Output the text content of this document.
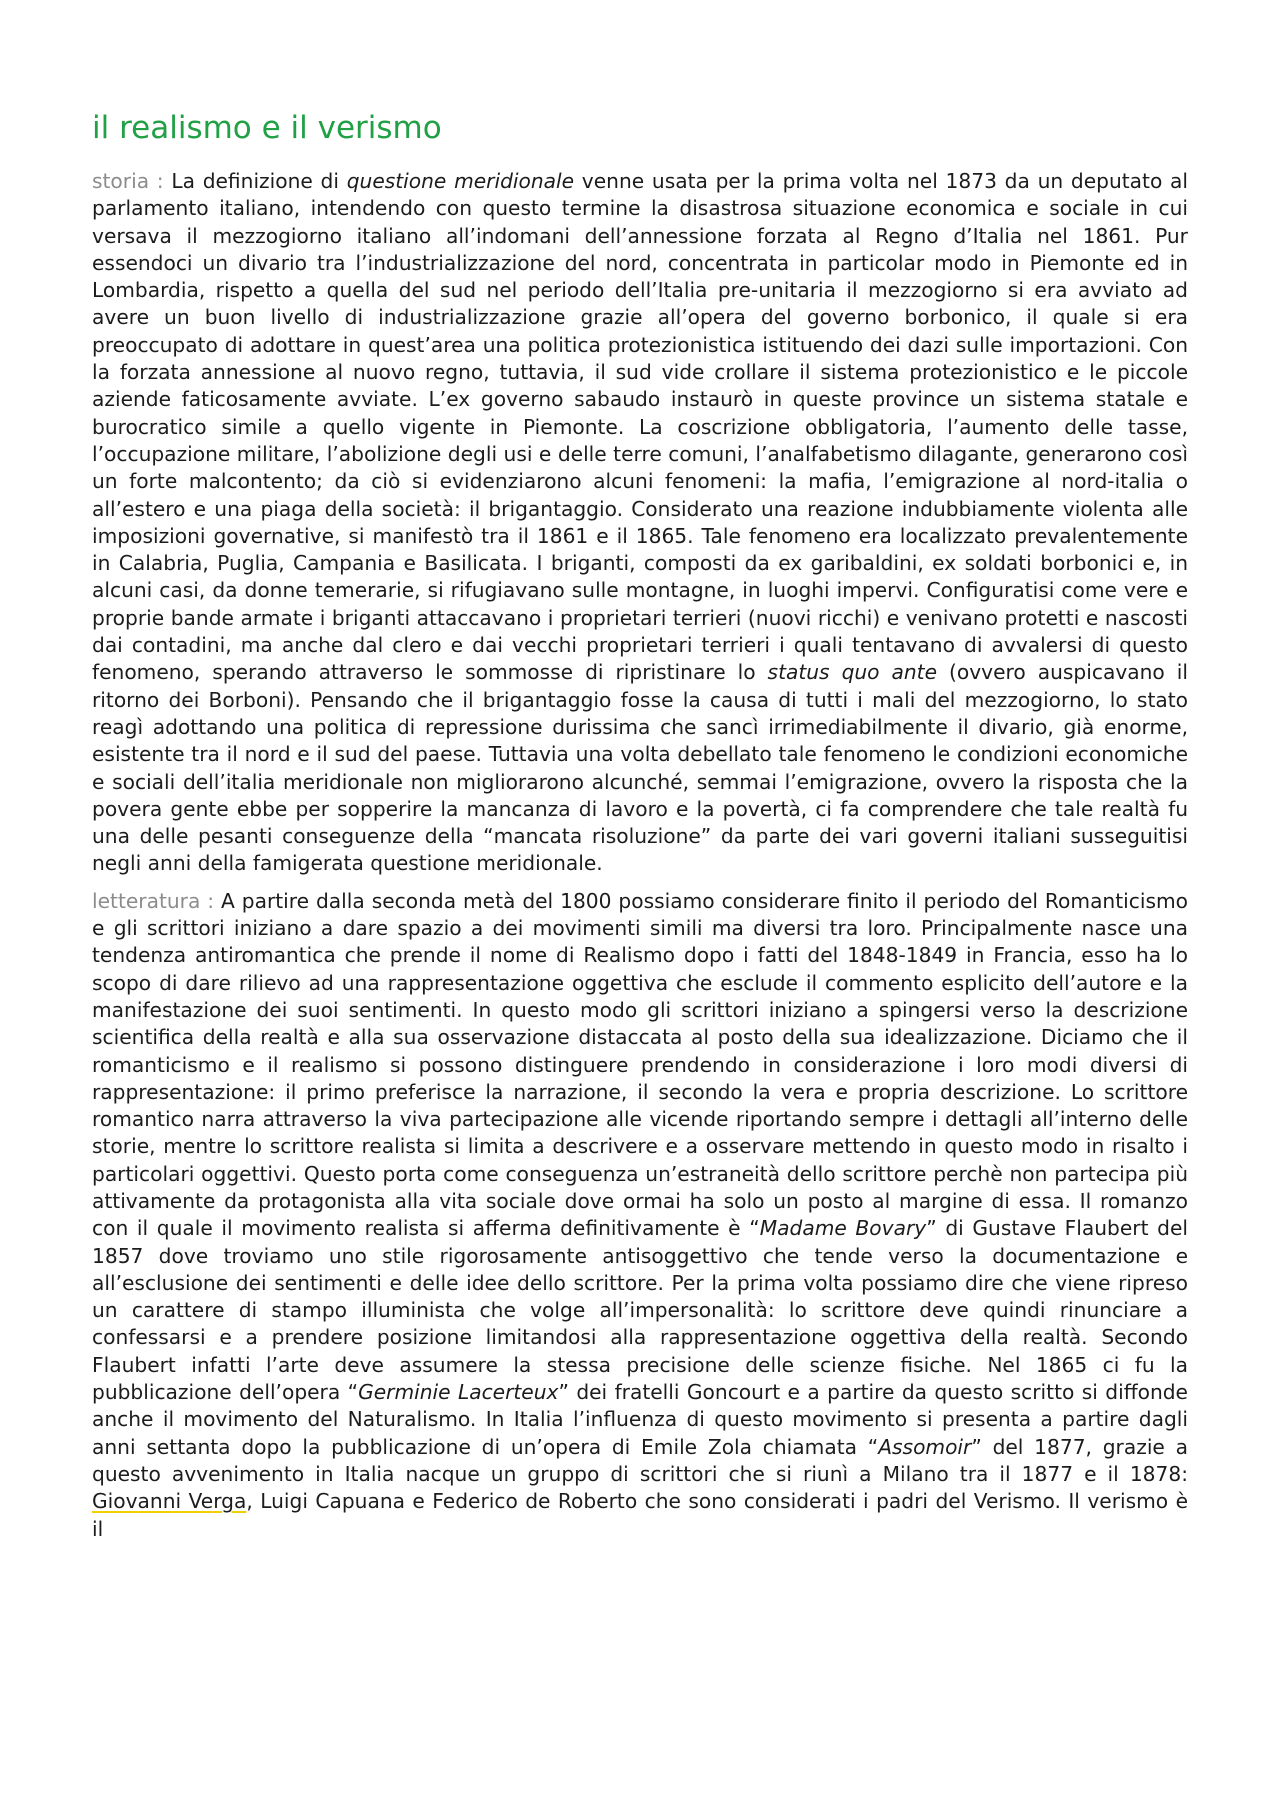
il realismo e il verismo

storia : La definizione di questione meridionale venne usata per la prima volta nel 1873 da un deputato al parlamento italiano, intendendo con questo termine la disastrosa situazione economica e sociale in cui versava il mezzogiorno italiano all’indomani dell’annessione forzata al Regno d’Italia nel 1861. Pur essendoci un divario tra l’industrializzazione del nord, concentrata in particolar modo in Piemonte ed in Lombardia, rispetto a quella del sud nel periodo dell’Italia pre-unitaria il mezzogiorno si era avviato ad avere un buon livello di industrializzazione grazie all’opera del governo borbonico, il quale si era preoccupato di adottare in quest’area una politica protezionistica istituendo dei dazi sulle importazioni. Con la forzata annessione al nuovo regno, tuttavia, il sud vide crollare il sistema protezionistico e le piccole aziende faticosamente avviate. L’ex governo sabaudo instaurò in queste province un sistema statale e burocratico simile a quello vigente in Piemonte. La coscrizione obbligatoria, l’aumento delle tasse, l’occupazione militare, l’abolizione degli usi e delle terre comuni, l’analfabetismo dilagante, generarono così un forte malcontento; da ciò si evidenziarono alcuni fenomeni: la mafia, l’emigrazione al nord-italia o all’estero e una piaga della società: il brigantaggio. Considerato una reazione indubbiamente violenta alle imposizioni governative, si manifestò tra il 1861 e il 1865. Tale fenomeno era localizzato prevalentemente in Calabria, Puglia, Campania e Basilicata. I briganti, composti da ex garibaldini, ex soldati borbonici e, in alcuni casi, da donne temerarie, si rifugiavano sulle montagne, in luoghi impervi. Configuratisi come vere e proprie bande armate i briganti attaccavano i proprietari terrieri (nuovi ricchi) e venivano protetti e nascosti dai contadini, ma anche dal clero e dai vecchi proprietari terrieri i quali tentavano di avvalersi di questo fenomeno, sperando attraverso le sommosse di ripristinare lo status quo ante (ovvero auspicavano il ritorno dei Borboni). Pensando che il brigantaggio fosse la causa di tutti i mali del mezzogiorno, lo stato reagì adottando una politica di repressione durissima che sancì irrimediabilmente il divario, già enorme, esistente tra il nord e il sud del paese. Tuttavia una volta debellato tale fenomeno le condizioni economiche e sociali dell’italia meridionale non migliorarono alcunché, semmai l’emigrazione, ovvero la risposta che la povera gente ebbe per sopperire la mancanza di lavoro e la povertà, ci fa comprendere che tale realtà fu una delle pesanti conseguenze della “mancata risoluzione” da parte dei vari governi italiani susseguitisi negli anni della famigerata questione meridionale.

letteratura : A partire dalla seconda metà del 1800 possiamo considerare finito il periodo del Romanticismo e gli scrittori iniziano a dare spazio a dei movimenti simili ma diversi tra loro. Principalmente nasce una tendenza antiromantica che prende il nome di Realismo dopo i fatti del 1848-1849 in Francia, esso ha lo scopo di dare rilievo ad una rappresentazione oggettiva che esclude il commento esplicito dell’autore e la manifestazione dei suoi sentimenti. In questo modo gli scrittori iniziano a spingersi verso la descrizione scientifica della realtà e alla sua osservazione distaccata al posto della sua idealizzazione. Diciamo che il romanticismo e il realismo si possono distinguere prendendo in considerazione i loro modi diversi di rappresentazione: il primo preferisce la narrazione, il secondo la vera e propria descrizione. Lo scrittore romantico narra attraverso la viva partecipazione alle vicende riportando sempre i dettagli all’interno delle storie, mentre lo scrittore realista si limita a descrivere e a osservare mettendo in questo modo in risalto i particolari oggettivi. Questo porta come conseguenza un’estraneità dello scrittore perchè non partecipa più attivamente da protagonista alla vita sociale dove ormai ha solo un posto al margine di essa. Il romanzo con il quale il movimento realista si afferma definitivamente è “Madame Bovary” di Gustave Flaubert del 1857 dove troviamo uno stile rigorosamente antisoggettivo che tende verso la documentazione e all’esclusione dei sentimenti e delle idee dello scrittore. Per la prima volta possiamo dire che viene ripreso un carattere di stampo illuminista che volge all’impersonalità: lo scrittore deve quindi rinunciare a confessarsi e a prendere posizione limitandosi alla rappresentazione oggettiva della realtà. Secondo Flaubert infatti l’arte deve assumere la stessa precisione delle scienze fisiche. Nel 1865 ci fu la pubblicazione dell’opera “Germinie Lacerteux” dei fratelli Goncourt e a partire da questo scritto si diffonde anche il movimento del Naturalismo. In Italia l’influenza di questo movimento si presenta a partire dagli anni settanta dopo la pubblicazione di un’opera di Emile Zola chiamata “Assomoir” del 1877, grazie a questo avvenimento in Italia nacque un gruppo di scrittori che si riunì a Milano tra il 1877 e il 1878: Giovanni Verga, Luigi Capuana e Federico de Roberto che sono considerati i padri del Verismo. Il verismo è il
